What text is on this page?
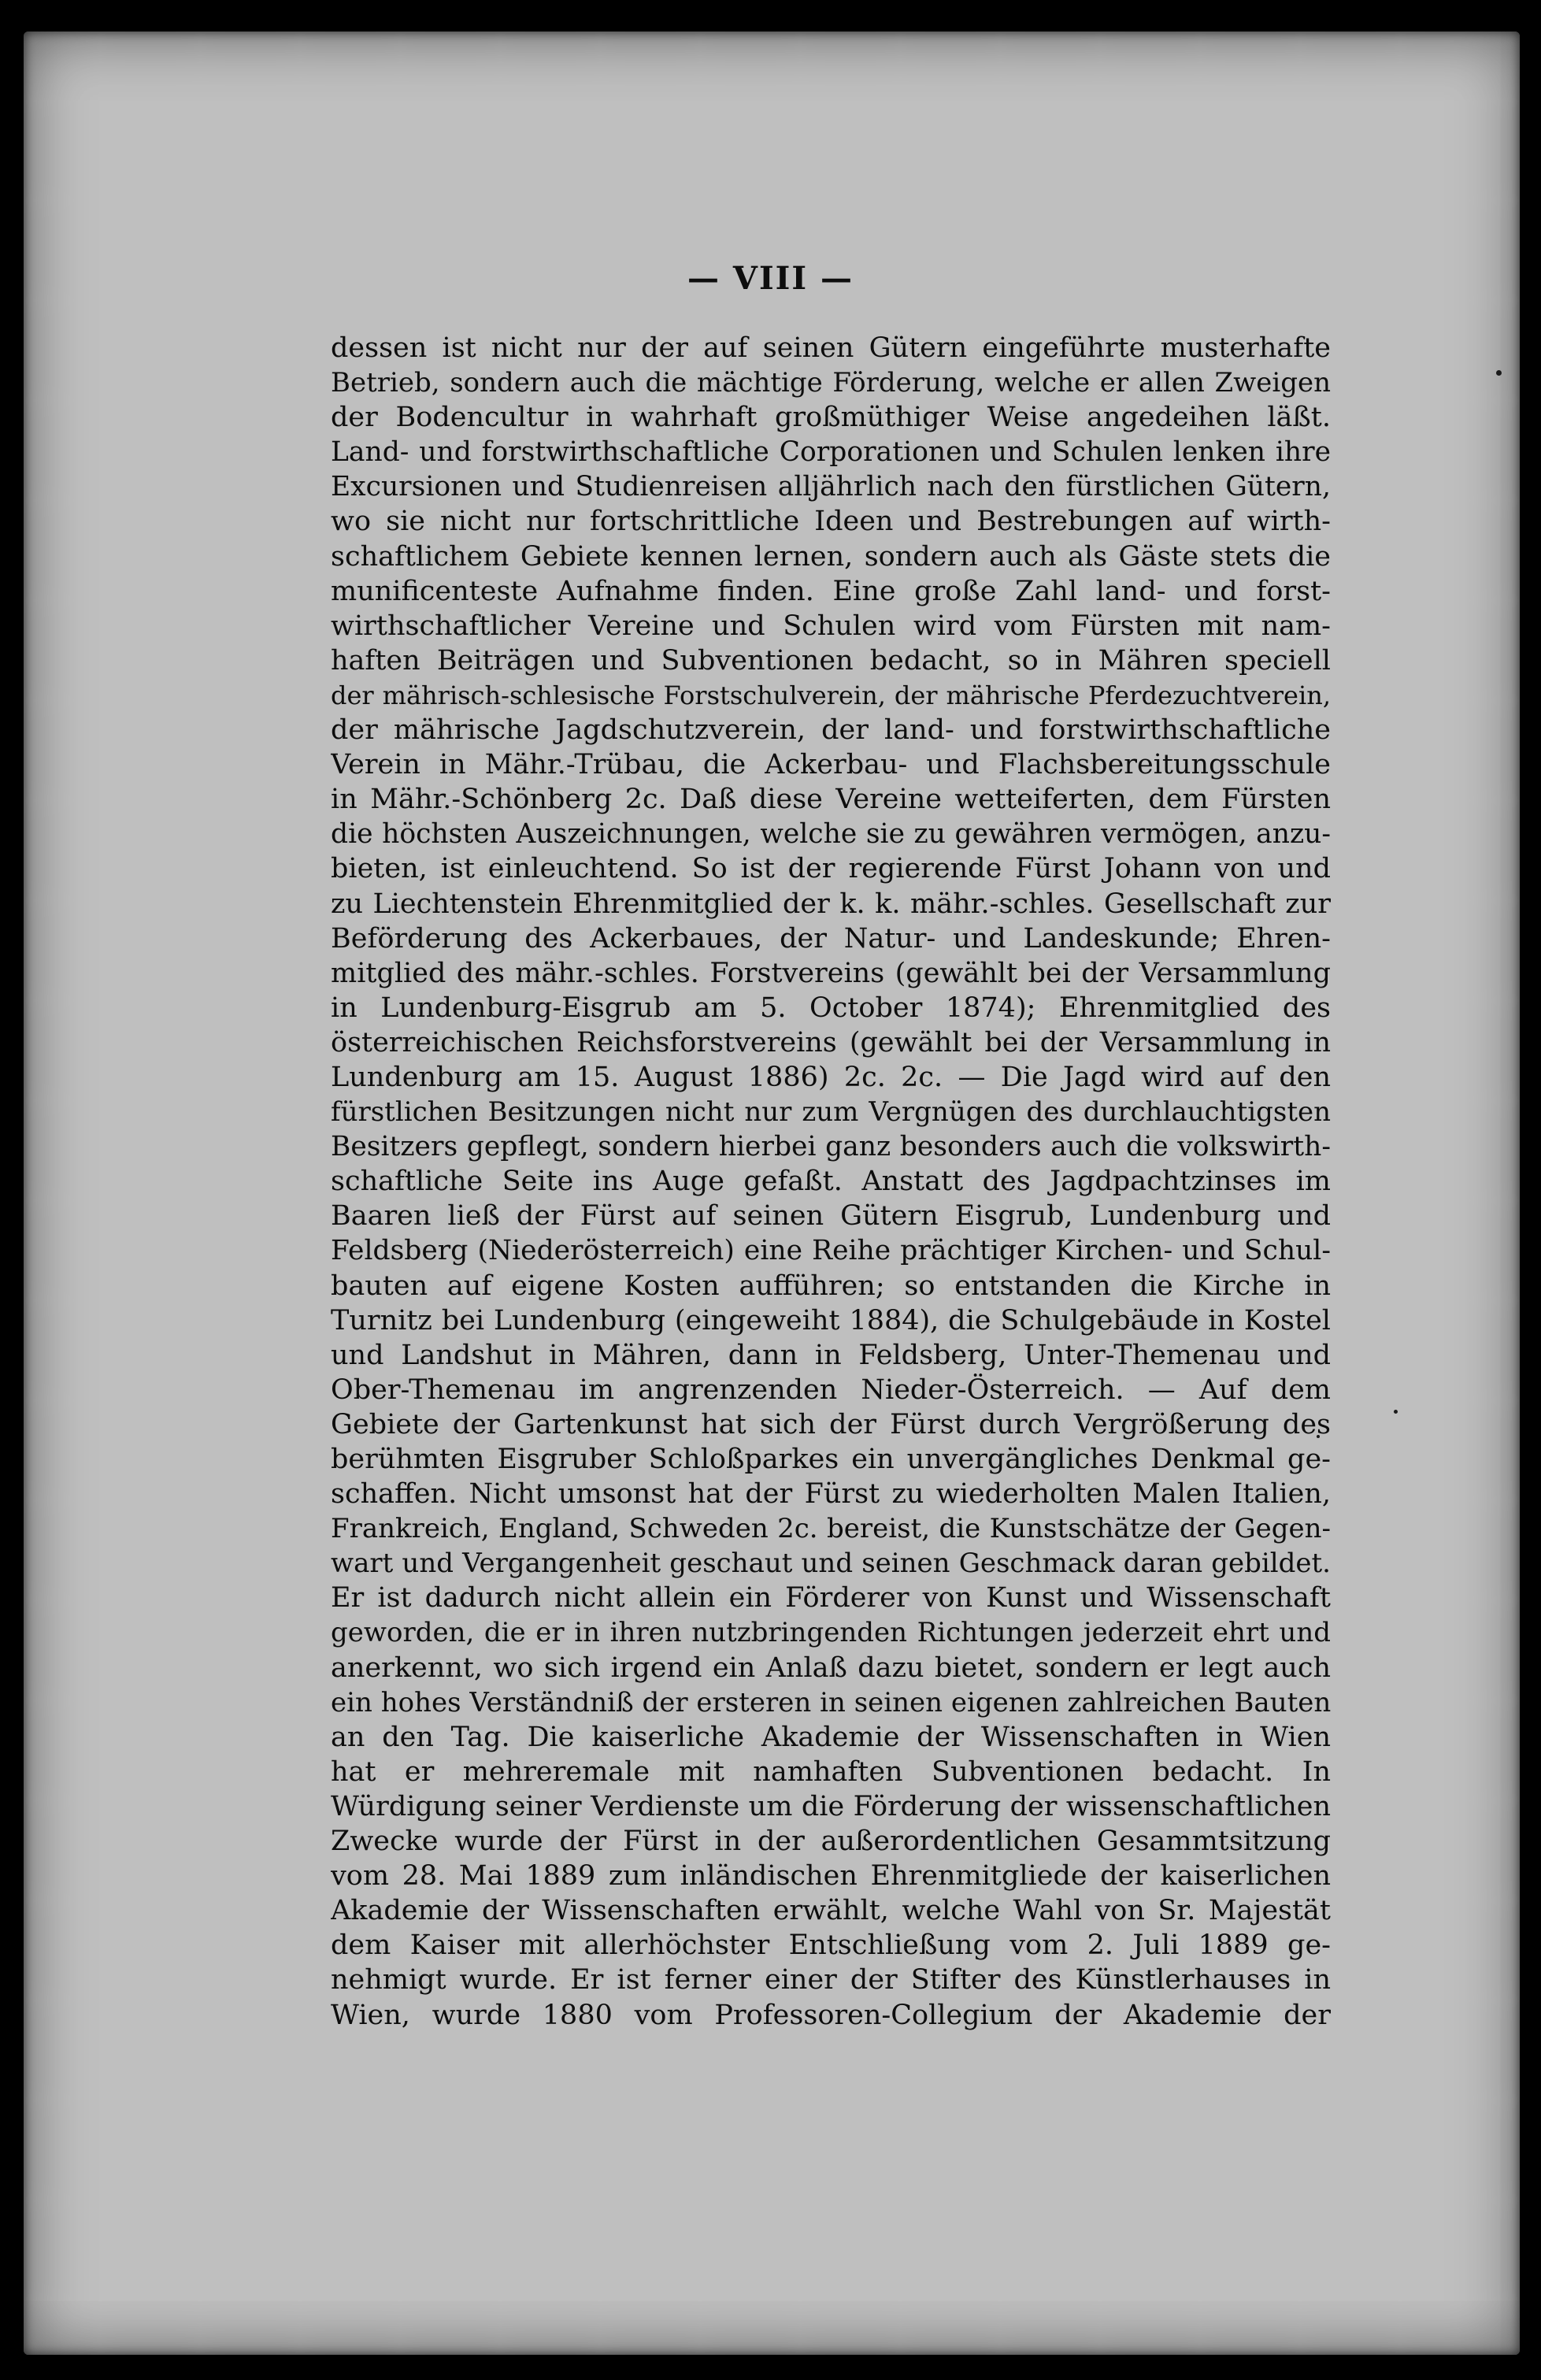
— VIII —
dessen ist nicht nur der auf seinen Gütern eingeführte musterhafte
Betrieb, sondern auch die mächtige Förderung, welche er allen Zweigen
der Bodencultur in wahrhaft großmüthiger Weise angedeihen läßt.
Land- und forstwirthschaftliche Corporationen und Schulen lenken ihre
Excursionen und Studienreisen alljährlich nach den fürstlichen Gütern,
wo sie nicht nur fortschrittliche Ideen und Bestrebungen auf wirth-
schaftlichem Gebiete kennen lernen, sondern auch als Gäste stets die
munificenteste Aufnahme finden. Eine große Zahl land- und forst-
wirthschaftlicher Vereine und Schulen wird vom Fürsten mit nam-
haften Beiträgen und Subventionen bedacht, so in Mähren speciell
der mährisch-schlesische Forstschulverein, der mährische Pferdezuchtverein,
der mährische Jagdschutzverein, der land- und forstwirthschaftliche
Verein in Mähr.-Trübau, die Ackerbau- und Flachsbereitungsschule
in Mähr.-Schönberg 2c. Daß diese Vereine wetteiferten, dem Fürsten
die höchsten Auszeichnungen, welche sie zu gewähren vermögen, anzu-
bieten, ist einleuchtend. So ist der regierende Fürst Johann von und
zu Liechtenstein Ehrenmitglied der k. k. mähr.-schles. Gesellschaft zur
Beförderung des Ackerbaues, der Natur- und Landeskunde; Ehren-
mitglied des mähr.-schles. Forstvereins (gewählt bei der Versammlung
in Lundenburg-Eisgrub am 5. October 1874); Ehrenmitglied des
österreichischen Reichsforstvereins (gewählt bei der Versammlung in
Lundenburg am 15. August 1886) 2c. 2c. — Die Jagd wird auf den
fürstlichen Besitzungen nicht nur zum Vergnügen des durchlauchtigsten
Besitzers gepflegt, sondern hierbei ganz besonders auch die volkswirth-
schaftliche Seite ins Auge gefaßt. Anstatt des Jagdpachtzinses im
Baaren ließ der Fürst auf seinen Gütern Eisgrub, Lundenburg und
Feldsberg (Niederösterreich) eine Reihe prächtiger Kirchen- und Schul-
bauten auf eigene Kosten aufführen; so entstanden die Kirche in
Turnitz bei Lundenburg (eingeweiht 1884), die Schulgebäude in Kostel
und Landshut in Mähren, dann in Feldsberg, Unter-Themenau und
Ober-Themenau im angrenzenden Nieder-Österreich. — Auf dem
Gebiete der Gartenkunst hat sich der Fürst durch Vergrößerung des
berühmten Eisgruber Schloßparkes ein unvergängliches Denkmal ge-
schaffen. Nicht umsonst hat der Fürst zu wiederholten Malen Italien,
Frankreich, England, Schweden 2c. bereist, die Kunstschätze der Gegen-
wart und Vergangenheit geschaut und seinen Geschmack daran gebildet.
Er ist dadurch nicht allein ein Förderer von Kunst und Wissenschaft
geworden, die er in ihren nutzbringenden Richtungen jederzeit ehrt und
anerkennt, wo sich irgend ein Anlaß dazu bietet, sondern er legt auch
ein hohes Verständniß der ersteren in seinen eigenen zahlreichen Bauten
an den Tag. Die kaiserliche Akademie der Wissenschaften in Wien
hat er mehreremale mit namhaften Subventionen bedacht. In
Würdigung seiner Verdienste um die Förderung der wissenschaftlichen
Zwecke wurde der Fürst in der außerordentlichen Gesammtsitzung
vom 28. Mai 1889 zum inländischen Ehrenmitgliede der kaiserlichen
Akademie der Wissenschaften erwählt, welche Wahl von Sr. Majestät
dem Kaiser mit allerhöchster Entschließung vom 2. Juli 1889 ge-
nehmigt wurde. Er ist ferner einer der Stifter des Künstlerhauses in
Wien, wurde 1880 vom Professoren-Collegium der Akademie der
